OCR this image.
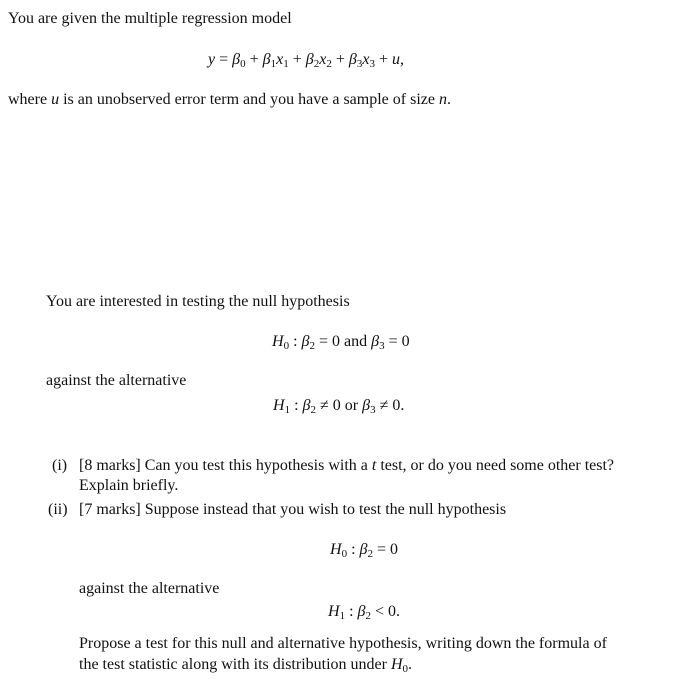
You are given the multiple regression model
$y = \beta_0 + \beta_1x_1 + \beta_2x_2 + \beta_3x_3 + u$,
where u is an unobserved error term and you have a sample of size n.
You are interested in testing the null hypothesis
$H_0$ : $\beta_2 = 0$ and $\beta_3 = 0$
against the alternative
$H_1$ : $\beta_2 \ne 0$ or $\beta_3 \ne 0$.
(i) [8 marks] Can you test this hypothesis with a t test, or do you need some other test?
Explain briefly.
(ii) [7 marks] Suppose instead that you wish to test the null hypothesis
$H_0$ : $\beta_2 = 0$
against the alternative
$H_1$ : $\beta_2 < 0$.
Propose a test for this null and alternative hypothesis, writing down the formula of
the test statistic along with its distribution under $H_0$.
